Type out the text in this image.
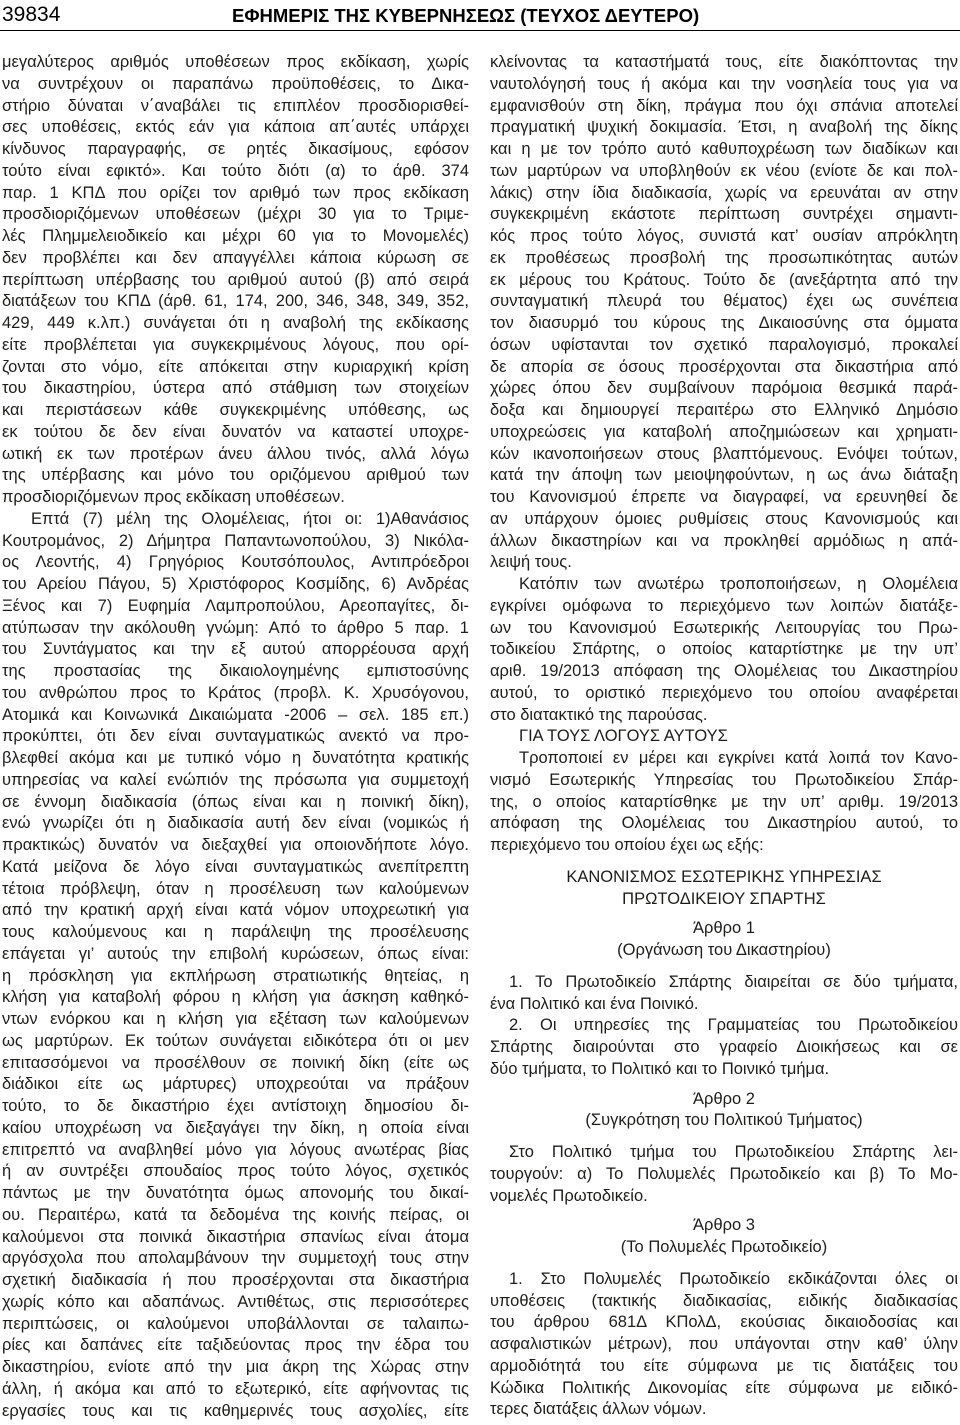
39834	ΕΦΗΜΕΡΙΣ ΤΗΣ ΚΥΒΕΡΝΗΣΕΩΣ (ΤΕΥΧΟΣ ΔΕΥΤΕΡΟ)
μεγαλύτερος αριθμός υποθέσεων προς εκδίκαση, χωρίς
να συντρέχουν οι παραπάνω προϋποθέσεις, το Δικα-
στήριο δύναται ν΄αναβάλει τις επιπλέον προσδιορισθεί-
σες υποθέσεις, εκτός εάν για κάποια απ΄αυτές υπάρχει
κίνδυνος παραγραφής, σε ρητές δικασίμους, εφόσον
τούτο είναι εφικτό». Και τούτο διότι (α) το άρθ. 374
παρ. 1 ΚΠΔ που ορίζει τον αριθμό των προς εκδίκαση
προσδιοριζόμενων υποθέσεων (μέχρι 30 για το Τριμε-
λές Πλημμελειοδικείο και μέχρι 60 για το Μονομελές)
δεν προβλέπει και δεν απαγγέλλει κάποια κύρωση σε
περίπτωση υπέρβασης του αριθμού αυτού (β) από σειρά
διατάξεων του ΚΠΔ (άρθ. 61, 174, 200, 346, 348, 349, 352,
429, 449 κ.λπ.) συνάγεται ότι η αναβολή της εκδίκασης
είτε προβλέπεται για συγκεκριμένους λόγους, που ορί-
ζονται στο νόμο, είτε απόκειται στην κυριαρχική κρίση
του δικαστηρίου, ύστερα από στάθμιση των στοιχείων
και περιστάσεων κάθε συγκεκριμένης υπόθεσης, ως
εκ τούτου δε δεν είναι δυνατόν να καταστεί υποχρε-
ωτική εκ των προτέρων άνευ άλλου τινός, αλλά λόγω
της υπέρβασης και μόνο του οριζόμενου αριθμού των
προσδιοριζόμενων προς εκδίκαση υποθέσεων.
Επτά (7) μέλη της Ολομέλειας, ήτοι οι: 1)Αθανάσιος
Κουτρομάνος, 2) Δήμητρα Παπαντωνοπούλου, 3) Νικόλα-
ος Λεοντής, 4) Γρηγόριος Κουτσόπουλος, Αντιπρόεδροι
του Αρείου Πάγου, 5) Χριστόφορος Κοσμίδης, 6) Ανδρέας
Ξένος και 7) Ευφημία Λαμπροπούλου, Αρεοπαγίτες, δι-
ατύπωσαν την ακόλουθη γνώμη: Από το άρθρο 5 παρ. 1
του Συντάγματος και την εξ αυτού απορρέουσα αρχή
της προστασίας της δικαιολογημένης εμπιστοσύνης
του ανθρώπου προς το Κράτος (προβλ. Κ. Χρυσόγονου,
Ατομικά και Κοινωνικά Δικαιώματα -2006 – σελ. 185 επ.)
προκύπτει, ότι δεν είναι συνταγματικώς ανεκτό να προ-
βλεφθεί ακόμα και με τυπικό νόμο η δυνατότητα κρατικής
υπηρεσίας να καλεί ενώπιόν της πρόσωπα για συμμετοχή
σε έννομη διαδικασία (όπως είναι και η ποινική δίκη),
ενώ γνωρίζει ότι η διαδικασία αυτή δεν είναι (νομικώς ή
πρακτικώς) δυνατόν να διεξαχθεί για οποιονδήποτε λόγο.
Κατά μείζονα δε λόγο είναι συνταγματικώς ανεπίτρεπτη
τέτοια πρόβλεψη, όταν η προσέλευση των καλούμενων
από την κρατική αρχή είναι κατά νόμον υποχρεωτική για
τους καλούμενους και η παράλειψη της προσέλευσης
επάγεται γι’ αυτούς την επιβολή κυρώσεων, όπως είναι:
η πρόσκληση για εκπλήρωση στρατιωτικής θητείας, η
κλήση για καταβολή φόρου η κλήση για άσκηση καθηκό-
ντων ενόρκου και η κλήση για εξέταση των καλούμενων
ως μαρτύρων. Εκ τούτων συνάγεται ειδικότερα ότι οι μεν
επιτασσόμενοι να προσέλθουν σε ποινική δίκη (είτε ως
διάδικοι είτε ως μάρτυρες) υποχρεούται να πράξουν
τούτο, το δε δικαστήριο έχει αντίστοιχη δημοσίου δι-
καίου υποχρέωση να διεξαγάγει την δίκη, η οποία είναι
επιτρεπτό να αναβληθεί μόνο για λόγους ανωτέρας βίας
ή αν συντρέξει σπουδαίος προς τούτο λόγος, σχετικός
πάντως με την δυνατότητα όμως απονομής του δικαί-
ου. Περαιτέρω, κατά τα δεδομένα της κοινής πείρας, οι
καλούμενοι στα ποινικά δικαστήρια σπανίως είναι άτομα
αργόσχολα που απολαμβάνουν την συμμετοχή τους στην
σχετική διαδικασία ή που προσέρχονται στα δικαστήρια
χωρίς κόπο και αδαπάνως. Αντιθέτως, στις περισσότερες
περιπτώσεις, οι καλούμενοι υποβάλλονται σε ταλαιπω-
ρίες και δαπάνες είτε ταξιδεύοντας προς την έδρα του
δικαστηρίου, ενίοτε από την μια άκρη της Χώρας στην
άλλη, ή ακόμα και από το εξωτερικό, είτε αφήνοντας τις
εργασίες τους και τις καθημερινές τους ασχολίες, είτε
κλείνοντας τα καταστήματά τους, είτε διακόπτοντας την
ναυτολόγησή τους ή ακόμα και την νοσηλεία τους για να
εμφανισθούν στη δίκη, πράγμα που όχι σπάνια αποτελεί
πραγματική ψυχική δοκιμασία. Έτσι, η αναβολή της δίκης
και η με τον τρόπο αυτό καθυποχρέωση των διαδίκων και
των μαρτύρων να υποβληθούν εκ νέου (ενίοτε δε και πολ-
λάκις) στην ίδια διαδικασία, χωρίς να ερευνάται αν στην
συγκεκριμένη εκάστοτε περίπτωση συντρέχει σημαντι-
κός προς τούτο λόγος, συνιστά κατ’ ουσίαν απρόκλητη
εκ προθέσεως προσβολή της προσωπικότητας αυτών
εκ μέρους του Κράτους. Τούτο δε (ανεξάρτητα από την
συνταγματική πλευρά του θέματος) έχει ως συνέπεια
τον διασυρμό του κύρους της Δικαιοσύνης στα όμματα
όσων υφίστανται τον σχετικό παραλογισμό, προκαλεί
δε απορία σε όσους προσέρχονται στα δικαστήρια από
χώρες όπου δεν συμβαίνουν παρόμοια θεσμικά παρά-
δοξα και δημιουργεί περαιτέρω στο Ελληνικό Δημόσιο
υποχρεώσεις για καταβολή αποζημιώσεων και χρηματι-
κών ικανοποιήσεων στους βλαπτόμενους. Ενόψει τούτων,
κατά την άποψη των μειοψηφούντων, η ως άνω διάταξη
του Κανονισμού έπρεπε να διαγραφεί, να ερευνηθεί δε
αν υπάρχουν όμοιες ρυθμίσεις στους Κανονισμούς και
άλλων δικαστηρίων και να προκληθεί αρμόδιως η απά-
λειψή τους.
Κατόπιν των ανωτέρω τροποποιήσεων, η Ολομέλεια
εγκρίνει ομόφωνα το περιεχόμενο των λοιπών διατάξε-
ων του Κανονισμού Εσωτερικής Λειτουργίας του Πρω-
τοδικείου Σπάρτης, ο οποίος καταρτίστηκε με την υπ’
αριθ. 19/2013 απόφαση της Ολομέλειας του Δικαστηρίου
αυτού, το οριστικό περιεχόμενο του οποίου αναφέρεται
στο διατακτικό της παρούσας.
ΓΙΑ ΤΟΥΣ ΛΟΓΟΥΣ ΑΥΤΟΥΣ
Τροποποιεί εν μέρει και εγκρίνει κατά λοιπά τον Κανο-
νισμό Εσωτερικής Υπηρεσίας του Πρωτοδικείου Σπάρ-
της, ο οποίος καταρτίσθηκε με την υπ’ αριθμ. 19/2013
απόφαση της Ολομέλειας του Δικαστηρίου αυτού, το
περιεχόμενο του οποίου έχει ως εξής:
ΚΑΝΟΝΙΣΜΟΣ ΕΣΩΤΕΡΙΚΗΣ ΥΠΗΡΕΣΙΑΣ
ΠΡΩΤΟΔΙΚΕΙΟΥ ΣΠΑΡΤΗΣ
Άρθρο 1
(Οργάνωση του Δικαστηρίου)
1. Το Πρωτοδικείο Σπάρτης διαιρείται σε δύο τμήματα,
ένα Πολιτικό και ένα Ποινικό.
2. Οι υπηρεσίες της Γραμματείας του Πρωτοδικείου
Σπάρτης διαιρούνται στο γραφείο Διοικήσεως και σε
δύο τμήματα, το Πολιτικό και το Ποινικό τμήμα.
Άρθρο 2
(Συγκρότηση του Πολιτικού Τμήματος)
Στο Πολιτικό τμήμα του Πρωτοδικείου Σπάρτης λει-
τουργούν: α) Το Πολυμελές Πρωτοδικείο και β) Το Μο-
νομελές Πρωτοδικείο.
Άρθρο 3
(Το Πολυμελές Πρωτοδικείο)
1. Στο Πολυμελές Πρωτοδικείο εκδικάζονται όλες οι
υποθέσεις (τακτικής διαδικασίας, ειδικής διαδικασίας
του άρθρου 681Δ ΚΠολΔ, εκούσιας δικαιοδοσίας και
ασφαλιστικών μέτρων), που υπάγονται στην καθ’ ύλην
αρμοδιότητά του είτε σύμφωνα με τις διατάξεις του
Κώδικα Πολιτικής Δικονομίας είτε σύμφωνα με ειδικό-
τερες διατάξεις άλλων νόμων.
